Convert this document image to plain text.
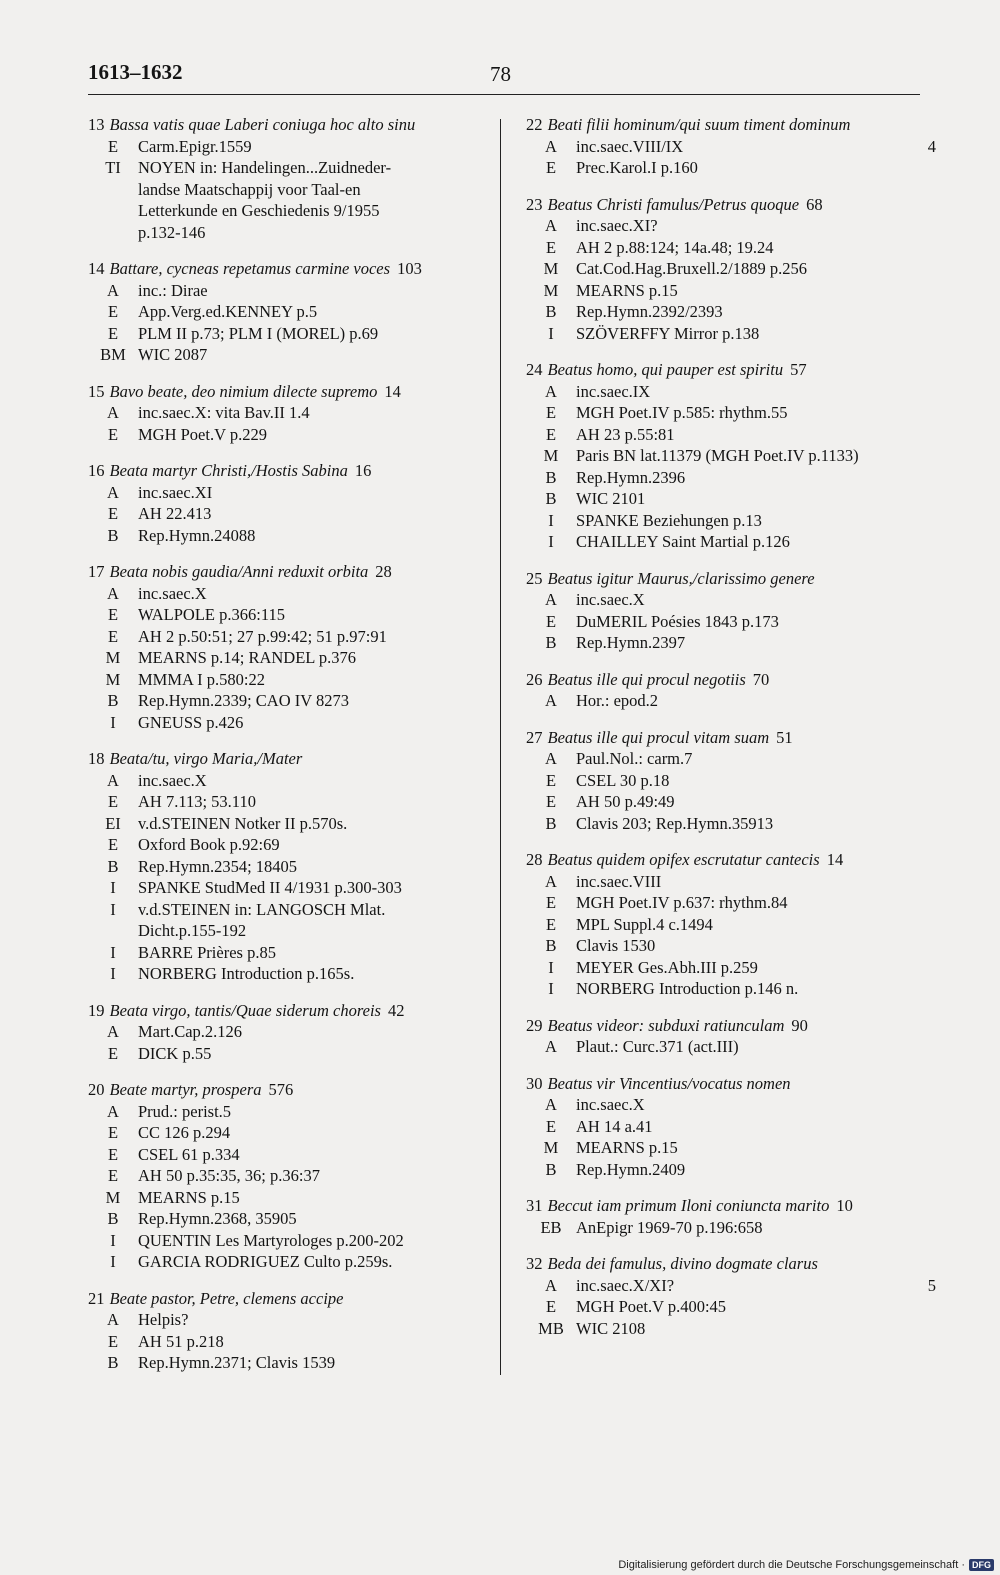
1613–1632	78
13 Bassa vatis quae Laberi coniuga hoc alto sinu
E	Carm.Epigr.1559
TI	NOYEN in: Handelingen...Zuidneder-
landse Maatschappij voor Taal-en
Letterkunde en Geschiedenis 9/1955
p.132-146
14 Battare, cycneas repetamus carmine voces 103
A	inc.: Dirae
E	App.Verg.ed.KENNEY p.5
E	PLM II p.73; PLM I (MOREL) p.69
BM WIC 2087
15 Bavo beate, deo nimium dilecte supremo 14
A	inc.saec.X: vita Bav.II 1.4
E	MGH Poet.V p.229
16 Beata martyr Christi,/Hostis Sabina 16
A	inc.saec.XI
E	AH 22.413
B	Rep.Hymn.24088
17 Beata nobis gaudia/Anni reduxit orbita 28
A	inc.saec.X
E	WALPOLE p.366:115
E	AH 2 p.50:51; 27 p.99:42; 51 p.97:91
M	MEARNS p.14; RANDEL p.376
M	MMMA I p.580:22
B	Rep.Hymn.2339; CAO IV 8273
I	GNEUSS p.426
18 Beata/tu, virgo Maria,/Mater
A	inc.saec.X
E	AH 7.113; 53.110
EI	v.d.STEINEN Notker II p.570s.
E	Oxford Book p.92:69
B	Rep.Hymn.2354; 18405
I	SPANKE StudMed II 4/1931 p.300-303
I	v.d.STEINEN in: LANGOSCH Mlat.
Dicht.p.155-192
I	BARRE Prières p.85
I	NORBERG Introduction p.165s.
19 Beata virgo, tantis/Quae siderum choreis 42
A	Mart.Cap.2.126
E	DICK p.55
20 Beate martyr, prospera 576
A	Prud.: perist.5
E	CC 126 p.294
E	CSEL 61 p.334
E	AH 50 p.35:35, 36; p.36:37
M	MEARNS p.15
B	Rep.Hymn.2368, 35905
I	QUENTIN Les Martyrologes p.200-202
I	GARCIA RODRIGUEZ Culto p.259s.
21 Beate pastor, Petre, clemens accipe
A	Helpis?
E	AH 51 p.218
B	Rep.Hymn.2371; Clavis 1539
22 Beati filii hominum/qui suum timent dominum
A	inc.saec.VIII/IX	4
E	Prec.Karol.I p.160
23 Beatus Christi famulus/Petrus quoque 68
A	inc.saec.XI?
E	AH 2 p.88:124; 14a.48; 19.24
M	Cat.Cod.Hag.Bruxell.2/1889 p.256
M	MEARNS p.15
B	Rep.Hymn.2392/2393
I	SZÖVERFFY Mirror p.138
24 Beatus homo, qui pauper est spiritu 57
A	inc.saec.IX
E	MGH Poet.IV p.585: rhythm.55
E	AH 23 p.55:81
M	Paris BN lat.11379 (MGH Poet.IV p.1133)
B	Rep.Hymn.2396
B	WIC 2101
I	SPANKE Beziehungen p.13
I	CHAILLEY Saint Martial p.126
25 Beatus igitur Maurus,/clarissimo genere
A	inc.saec.X
E	DuMERIL Poésies 1843 p.173
B	Rep.Hymn.2397
26 Beatus ille qui procul negotiis 70
A	Hor.: epod.2
27 Beatus ille qui procul vitam suam 51
A	Paul.Nol.: carm.7
E	CSEL 30 p.18
E	AH 50 p.49:49
B	Clavis 203; Rep.Hymn.35913
28 Beatus quidem opifex escrutatur cantecis 14
A	inc.saec.VIII
E	MGH Poet.IV p.637: rhythm.84
E	MPL Suppl.4 c.1494
B	Clavis 1530
I	MEYER Ges.Abh.III p.259
I	NORBERG Introduction p.146 n.
29 Beatus videor: subduxi ratiunculam 90
A	Plaut.: Curc.371 (act.III)
30 Beatus vir Vincentius/vocatus nomen
A	inc.saec.X
E	AH 14 a.41
M	MEARNS p.15
B	Rep.Hymn.2409
31 Beccut iam primum Iloni coniuncta marito 10
EB AnEpigr 1969-70 p.196:658
32 Beda dei famulus, divino dogmate clarus
A	inc.saec.X/XI?	5
E	MGH Poet.V p.400:45
MB WIC 2108
Digitalisierung gefördert durch die Deutsche Forschungsgemeinschaft · DFG
